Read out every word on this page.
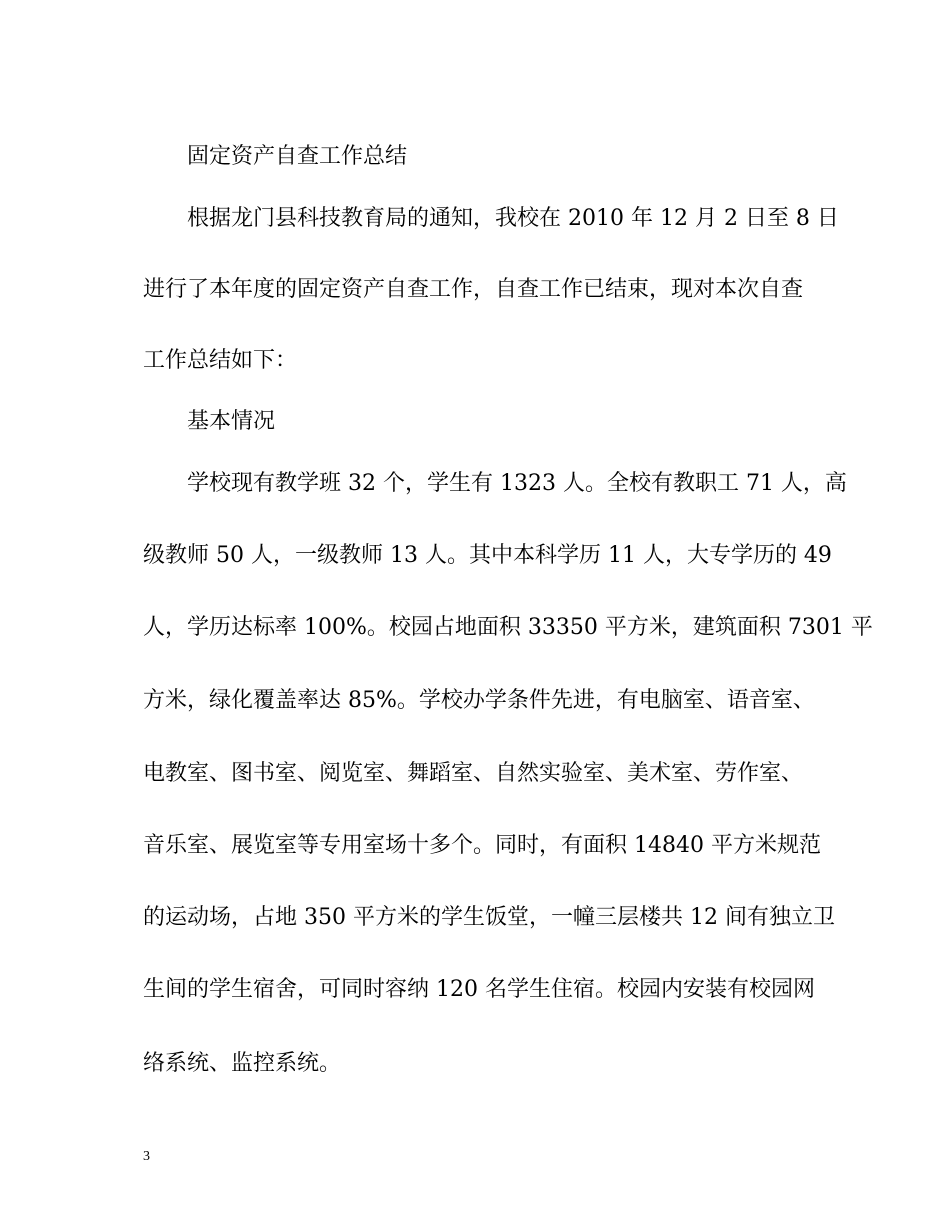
固定资产自查工作总结
根据龙门县科技教育局的通知，我校在 2010 年 12 月 2 日至 8 日
进行了本年度的固定资产自查工作，自查工作已结束，现对本次自查
工作总结如下：
基本情况
学校现有教学班 32 个，学生有 1323 人。全校有教职工 71 人，高
级教师 50 人，一级教师 13 人。其中本科学历 11 人，大专学历的 49
人，学历达标率 100%。校园占地面积 33350 平方米，建筑面积 7301 平
方米，绿化覆盖率达 85%。学校办学条件先进，有电脑室、语音室、
电教室、图书室、阅览室、舞蹈室、自然实验室、美术室、劳作室、
音乐室、展览室等专用室场十多个。同时，有面积 14840 平方米规范
的运动场，占地 350 平方米的学生饭堂，一幢三层楼共 12 间有独立卫
生间的学生宿舍，可同时容纳 120 名学生住宿。校园内安装有校园网
络系统、监控系统。
3
